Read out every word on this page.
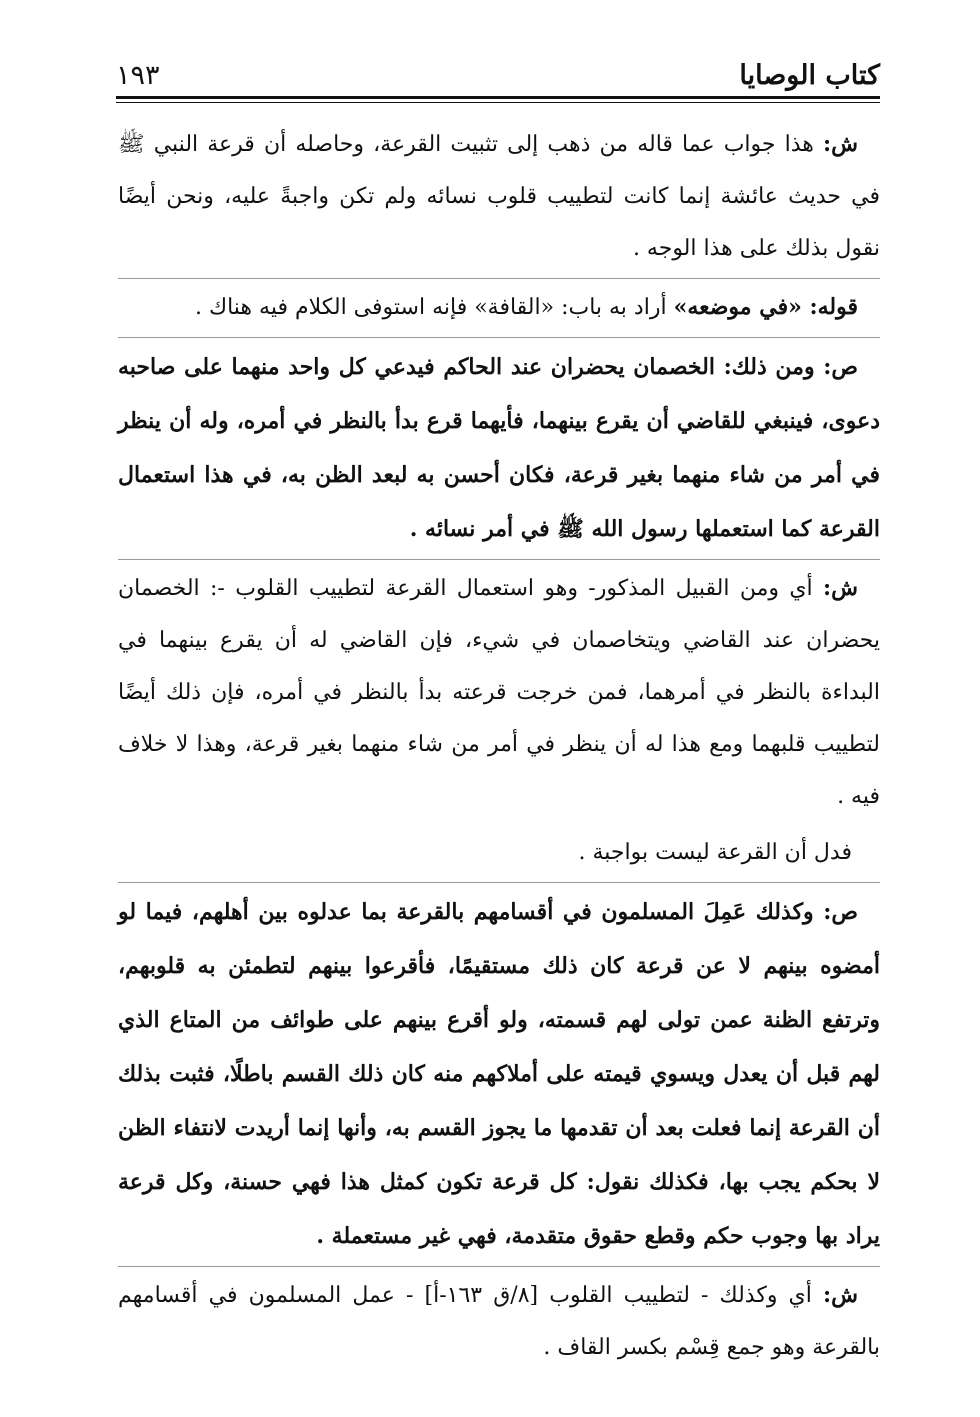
كتاب الوصايا
١٩٣

ش: هذا جواب عما قاله من ذهب إلى تثبيت القرعة، وحاصله أن قرعة النبي ﷺ في حديث عائشة إنما كانت لتطييب قلوب نسائه ولم تكن واجبةً عليه، ونحن أيضًا نقول بذلك على هذا الوجه .

قوله: «في موضعه» أراد به باب: «القافة» فإنه استوفى الكلام فيه هناك .

ص: ومن ذلك: الخصمان يحضران عند الحاكم فيدعي كل واحد منهما على صاحبه دعوى، فينبغي للقاضي أن يقرع بينهما، فأيهما قرع بدأ بالنظر في أمره، وله أن ينظر في أمر من شاء منهما بغير قرعة، فكان أحسن به لبعد الظن به، في هذا استعمال القرعة كما استعملها رسول الله ﷺ في أمر نسائه .

ش: أي ومن القبيل المذكور- وهو استعمال القرعة لتطييب القلوب -: الخصمان يحضران عند القاضي ويتخاصمان في شيء، فإن القاضي له أن يقرع بينهما في البداءة بالنظر في أمرهما، فمن خرجت قرعته بدأ بالنظر في أمره، فإن ذلك أيضًا لتطييب قلبهما ومع هذا له أن ينظر في أمر من شاء منهما بغير قرعة، وهذا لا خلاف فيه .

فدل أن القرعة ليست بواجبة .

ص: وكذلك عَمِلَ المسلمون في أقسامهم بالقرعة بما عدلوه بين أهلهم، فيما لو أمضوه بينهم لا عن قرعة كان ذلك مستقيمًا، فأقرعوا بينهم لتطمئن به قلوبهم، وترتفع الظنة عمن تولى لهم قسمته، ولو أقرع بينهم على طوائف من المتاع الذي لهم قبل أن يعدل ويسوي قيمته على أملاكهم منه كان ذلك القسم باطلًا، فثبت بذلك أن القرعة إنما فعلت بعد أن تقدمها ما يجوز القسم به، وأنها إنما أريدت لانتفاء الظن لا بحكم يجب بها، فكذلك نقول: كل قرعة تكون كمثل هذا فهي حسنة، وكل قرعة يراد بها وجوب حكم وقطع حقوق متقدمة، فهي غير مستعملة .

ش: أي وكذلك - لتطييب القلوب [٨/ق ١٦٣-أ] - عمل المسلمون في أقسامهم بالقرعة وهو جمع قِسْم بكسر القاف .
